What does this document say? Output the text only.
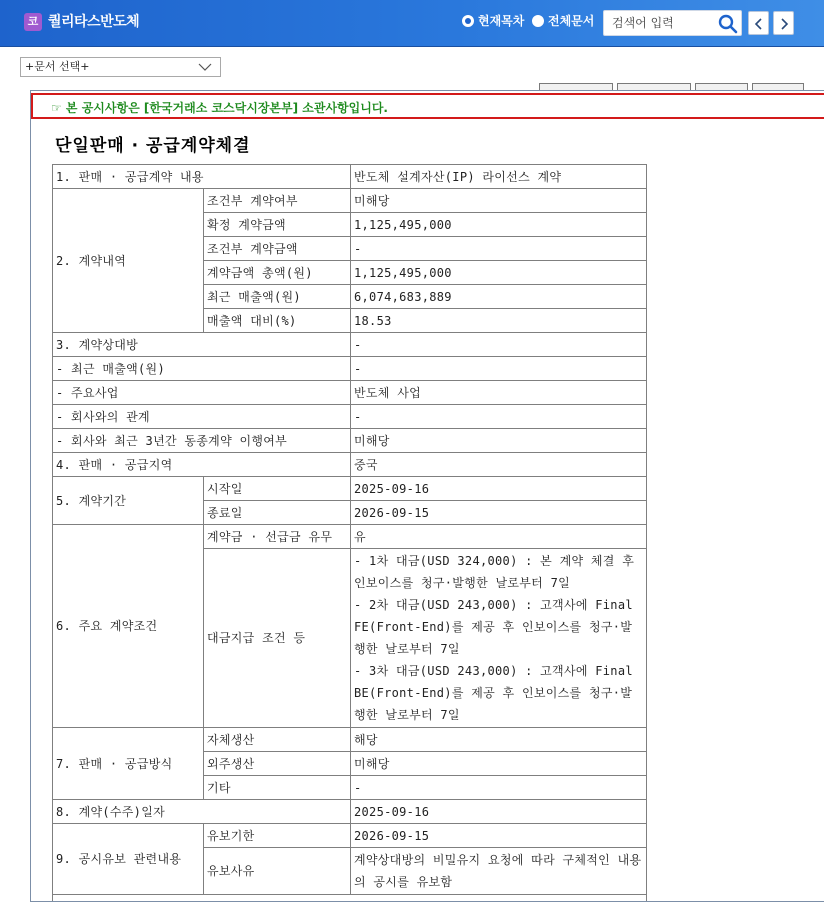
코 퀄리타스반도체	현재목차 전체문서
검색어 입력
+문서 선택+
☞ 본 공시사항은 [한국거래소 코스닥시장본부] 소관사항입니다.
단일판매 · 공급계약체결
1. 판매 · 공급계약 내용		반도체 설계자산(IP) 라이선스 계약
2. 계약내역	조건부 계약여부	미해당
	확정 계약금액	1,125,495,000
	조건부 계약금액	-
	계약금액 총액(원)	1,125,495,000
	최근 매출액(원)	6,074,683,889
	매출액 대비(%)	18.53
3. 계약상대방		-
- 최근 매출액(원)		-
- 주요사업		반도체 사업
- 회사와의 관계		-
- 회사와 최근 3년간 동종계약 이행여부		미해당
4. 판매 · 공급지역		중국
5. 계약기간	시작일	2025-09-16
	종료일	2026-09-15
6. 주요 계약조건	계약금 · 선급금 유무	유
	대금지급 조건 등	- 1차 대금(USD 324,000) : 본 계약 체결 후 인보이스를 청구·발행한 날로부터 7일
- 2차 대금(USD 243,000) : 고객사에 Final FE(Front-End)를 제공 후 인보이스를 청구·발행한 날로부터 7일
- 3차 대금(USD 243,000) : 고객사에 Final BE(Front-End)를 제공 후 인보이스를 청구·발행한 날로부터 7일
7. 판매 · 공급방식	자체생산	해당
	외주생산	미해당
	기타	-
8. 계약(수주)일자		2025-09-16
9. 공시유보 관련내용	유보기한	2026-09-15
	유보사유	계약상대방의 비밀유지 요청에 따라 구체적인 내용의 공시를 유보함
